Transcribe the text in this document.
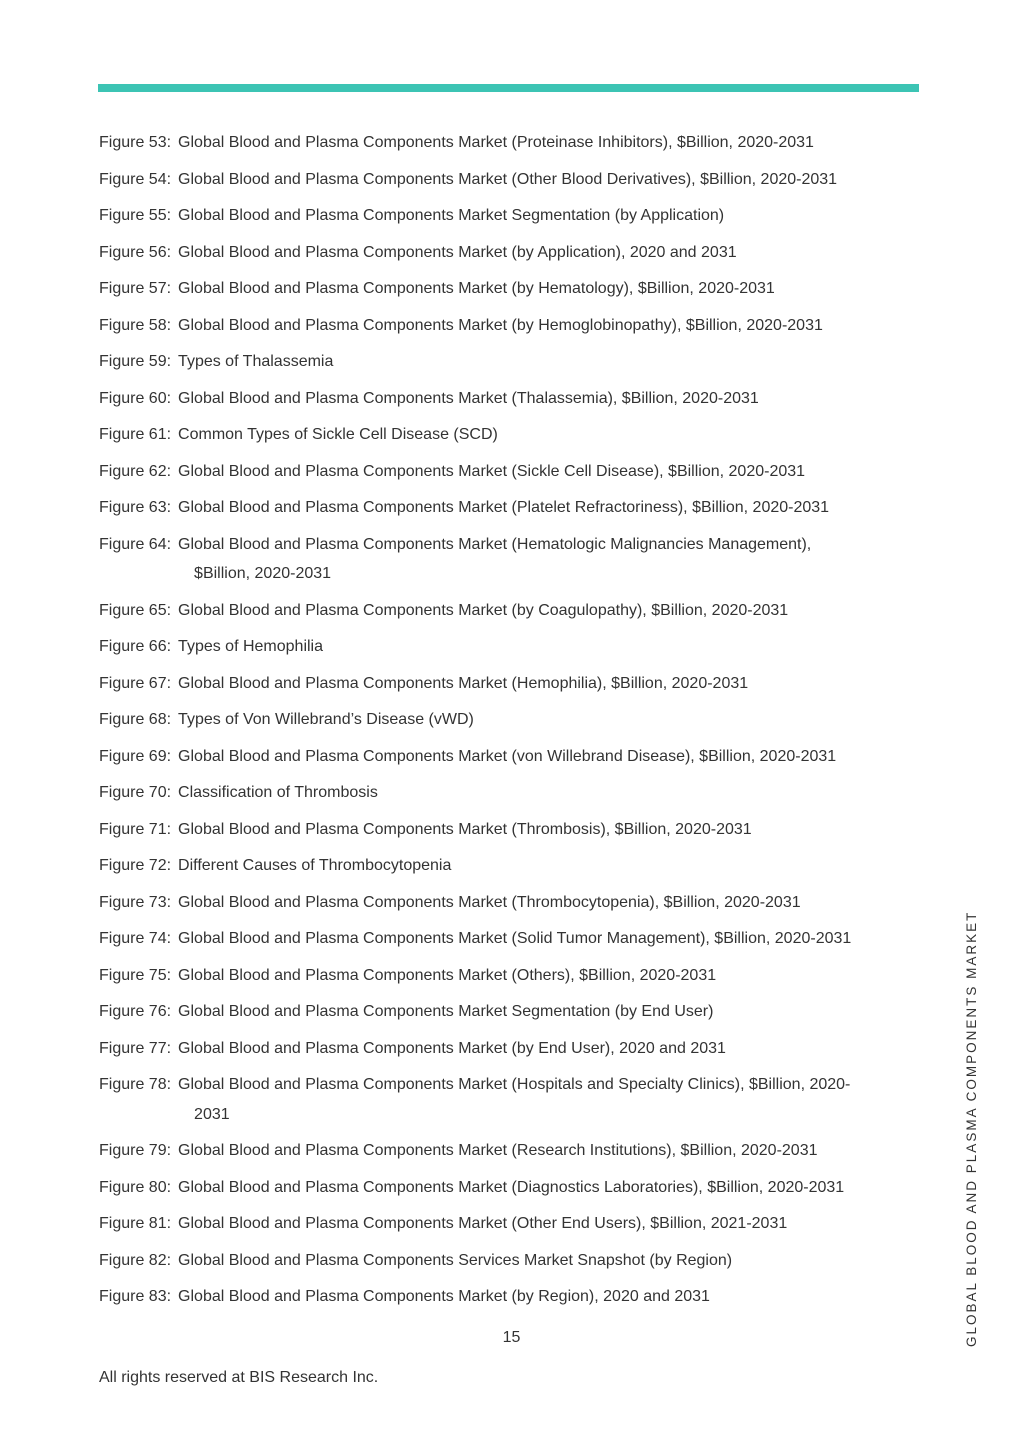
Figure 53: Global Blood and Plasma Components Market (Proteinase Inhibitors), $Billion, 2020-2031
Figure 54: Global Blood and Plasma Components Market (Other Blood Derivatives), $Billion, 2020-2031
Figure 55: Global Blood and Plasma Components Market Segmentation (by Application)
Figure 56: Global Blood and Plasma Components Market (by Application), 2020 and 2031
Figure 57: Global Blood and Plasma Components Market (by Hematology), $Billion, 2020-2031
Figure 58: Global Blood and Plasma Components Market (by Hemoglobinopathy), $Billion, 2020-2031
Figure 59: Types of Thalassemia
Figure 60: Global Blood and Plasma Components Market (Thalassemia), $Billion, 2020-2031
Figure 61: Common Types of Sickle Cell Disease (SCD)
Figure 62: Global Blood and Plasma Components Market (Sickle Cell Disease), $Billion, 2020-2031
Figure 63: Global Blood and Plasma Components Market (Platelet Refractoriness), $Billion, 2020-2031
Figure 64: Global Blood and Plasma Components Market (Hematologic Malignancies Management),
$Billion, 2020-2031
Figure 65: Global Blood and Plasma Components Market (by Coagulopathy), $Billion, 2020-2031
Figure 66: Types of Hemophilia
Figure 67: Global Blood and Plasma Components Market (Hemophilia), $Billion, 2020-2031
Figure 68: Types of Von Willebrand’s Disease (vWD)
Figure 69: Global Blood and Plasma Components Market (von Willebrand Disease), $Billion, 2020-2031
Figure 70: Classification of Thrombosis
Figure 71: Global Blood and Plasma Components Market (Thrombosis), $Billion, 2020-2031
Figure 72: Different Causes of Thrombocytopenia
Figure 73: Global Blood and Plasma Components Market (Thrombocytopenia), $Billion, 2020-2031
Figure 74: Global Blood and Plasma Components Market (Solid Tumor Management), $Billion, 2020-2031
Figure 75: Global Blood and Plasma Components Market (Others), $Billion, 2020-2031
Figure 76: Global Blood and Plasma Components Market Segmentation (by End User)
Figure 77: Global Blood and Plasma Components Market (by End User), 2020 and 2031
Figure 78: Global Blood and Plasma Components Market (Hospitals and Specialty Clinics), $Billion, 2020-
2031
Figure 79: Global Blood and Plasma Components Market (Research Institutions), $Billion, 2020-2031
Figure 80: Global Blood and Plasma Components Market (Diagnostics Laboratories), $Billion, 2020-2031
Figure 81: Global Blood and Plasma Components Market (Other End Users), $Billion, 2021-2031
Figure 82: Global Blood and Plasma Components Services Market Snapshot (by Region)
Figure 83: Global Blood and Plasma Components Market (by Region), 2020 and 2031
15
All rights reserved at BIS Research Inc.
GLOBAL BLOOD AND PLASMA COMPONENTS MARKET
